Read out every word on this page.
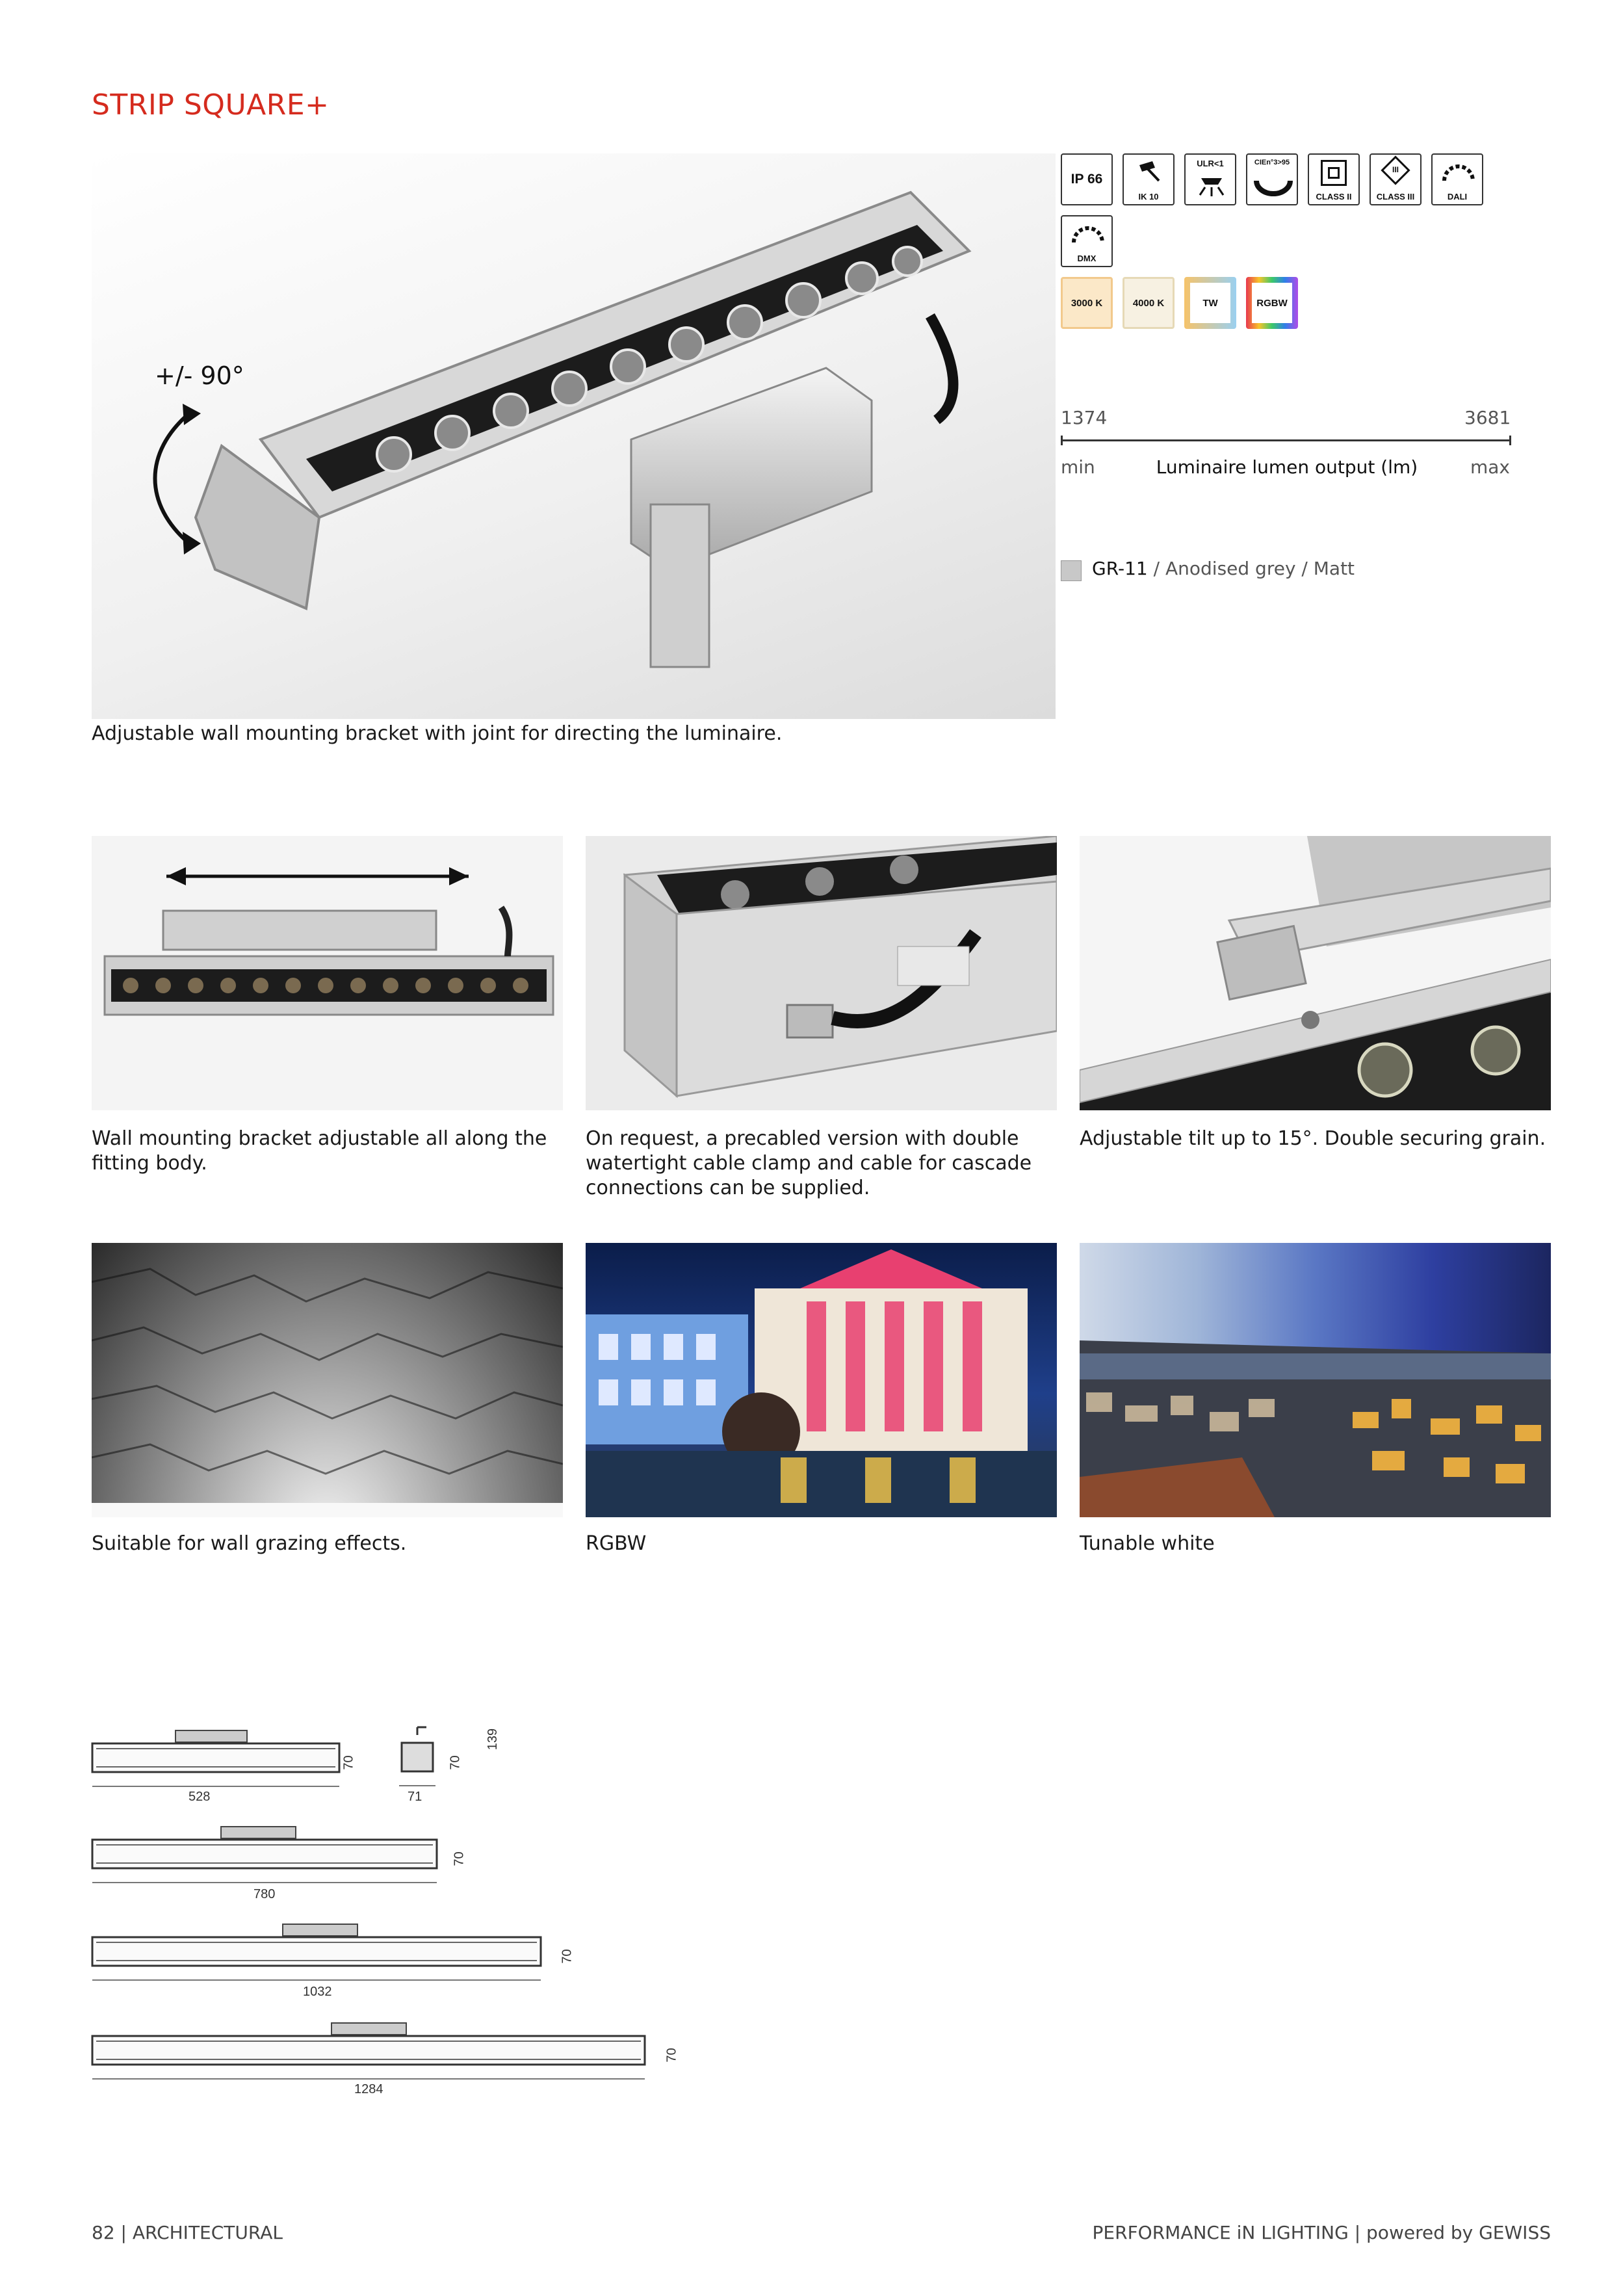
STRIP SQUARE+
+/- 90°
Adjustable wall mounting bracket with joint for directing the luminaire.
IP 66
IK 10
ULR<1	CIEn°3>95
CLASS II
III
CLASS III	DALI
DMX
3000 K	4000 K	TW	RGBW
1374	3681
min	Luminaire lumen output (lm)	max
GR-11 / Anodised grey / Matt
Wall mounting bracket adjustable all along the fitting body.
On request, a precabled version with double watertight cable clamp and cable for cascade connections can be supplied.
Adjustable tilt up to 15°. Double securing grain.
Suitable for wall grazing effects.	RGBW	Tunable white
528
70
71
70
139
780
70
1032
70
1284
70
82 | ARCHITECTURAL	PERFORMANCE iN LIGHTING | powered by GEWISS
